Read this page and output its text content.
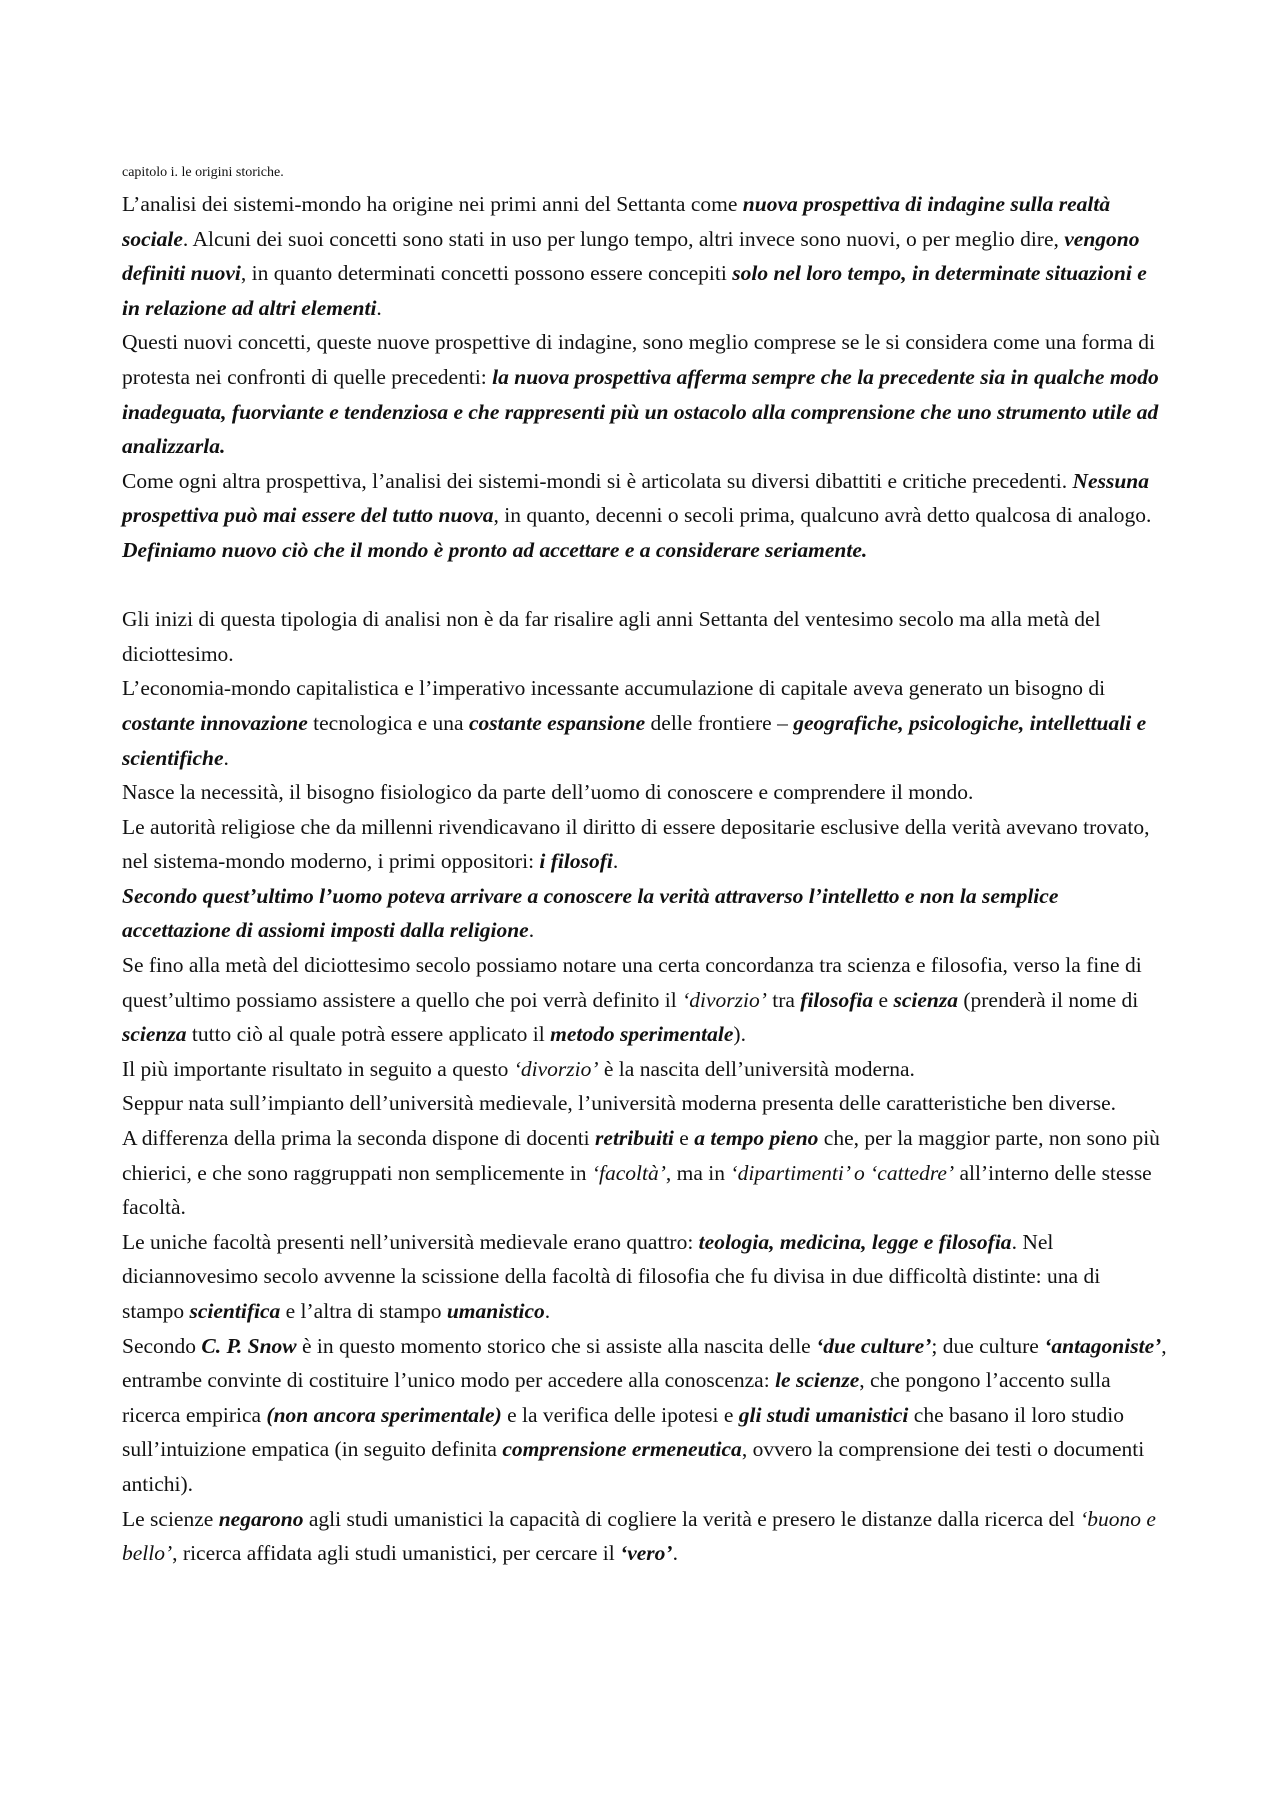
capitolo i. le origini storiche.

L’analisi dei sistemi-mondo ha origine nei primi anni del Settanta come nuova prospettiva di indagine sulla realtà sociale. Alcuni dei suoi concetti sono stati in uso per lungo tempo, altri invece sono nuovi, o per meglio dire, vengono definiti nuovi, in quanto determinati concetti possono essere concepiti solo nel loro tempo, in determinate situazioni e in relazione ad altri elementi.

Questi nuovi concetti, queste nuove prospettive di indagine, sono meglio comprese se le si considera come una forma di protesta nei confronti di quelle precedenti: la nuova prospettiva afferma sempre che la precedente sia in qualche modo inadeguata, fuorviante e tendenziosa e che rappresenti più un ostacolo alla comprensione che uno strumento utile ad analizzarla.

Come ogni altra prospettiva, l’analisi dei sistemi-mondi si è articolata su diversi dibattiti e critiche precedenti. Nessuna prospettiva può mai essere del tutto nuova, in quanto, decenni o secoli prima, qualcuno avrà detto qualcosa di analogo.

Definiamo nuovo ciò che il mondo è pronto ad accettare e a considerare seriamente.

Gli inizi di questa tipologia di analisi non è da far risalire agli anni Settanta del ventesimo secolo ma alla metà del diciottesimo.

L’economia-mondo capitalistica e l’imperativo incessante accumulazione di capitale aveva generato un bisogno di costante innovazione tecnologica e una costante espansione delle frontiere – geografiche, psicologiche, intellettuali e scientifiche.

Nasce la necessità, il bisogno fisiologico da parte dell’uomo di conoscere e comprendere il mondo.

Le autorità religiose che da millenni rivendicavano il diritto di essere depositarie esclusive della verità avevano trovato, nel sistema-mondo moderno, i primi oppositori: i filosofi.

Secondo quest’ultimo l’uomo poteva arrivare a conoscere la verità attraverso l’intelletto e non la semplice accettazione di assiomi imposti dalla religione.

Se fino alla metà del diciottesimo secolo possiamo notare una certa concordanza tra scienza e filosofia, verso la fine di quest’ultimo possiamo assistere a quello che poi verrà definito il ‘divorzio’ tra filosofia e scienza (prenderà il nome di scienza tutto ciò al quale potrà essere applicato il metodo sperimentale).

Il più importante risultato in seguito a questo ‘divorzio’ è la nascita dell’università moderna.

Seppur nata sull’impianto dell’università medievale, l’università moderna presenta delle caratteristiche ben diverse.

A differenza della prima la seconda dispone di docenti retribuiti e a tempo pieno che, per la maggior parte, non sono più chierici, e che sono raggruppati non semplicemente in ‘facoltà’, ma in ‘dipartimenti’ o ‘cattedre’ all’interno delle stesse facoltà.

Le uniche facoltà presenti nell’università medievale erano quattro: teologia, medicina, legge e filosofia. Nel diciannovesimo secolo avvenne la scissione della facoltà di filosofia che fu divisa in due difficoltà distinte: una di stampo scientifica e l’altra di stampo umanistico.

Secondo C. P. Snow è in questo momento storico che si assiste alla nascita delle ‘due culture’; due culture ‘antagoniste’, entrambe convinte di costituire l’unico modo per accedere alla conoscenza: le scienze, che pongono l’accento sulla ricerca empirica (non ancora sperimentale) e la verifica delle ipotesi e gli studi umanistici che basano il loro studio sull’intuizione empatica (in seguito definita comprensione ermeneutica, ovvero la comprensione dei testi o documenti antichi).

Le scienze negarono agli studi umanistici la capacità di cogliere la verità e presero le distanze dalla ricerca del ‘buono e bello’, ricerca affidata agli studi umanistici, per cercare il ‘vero’.
